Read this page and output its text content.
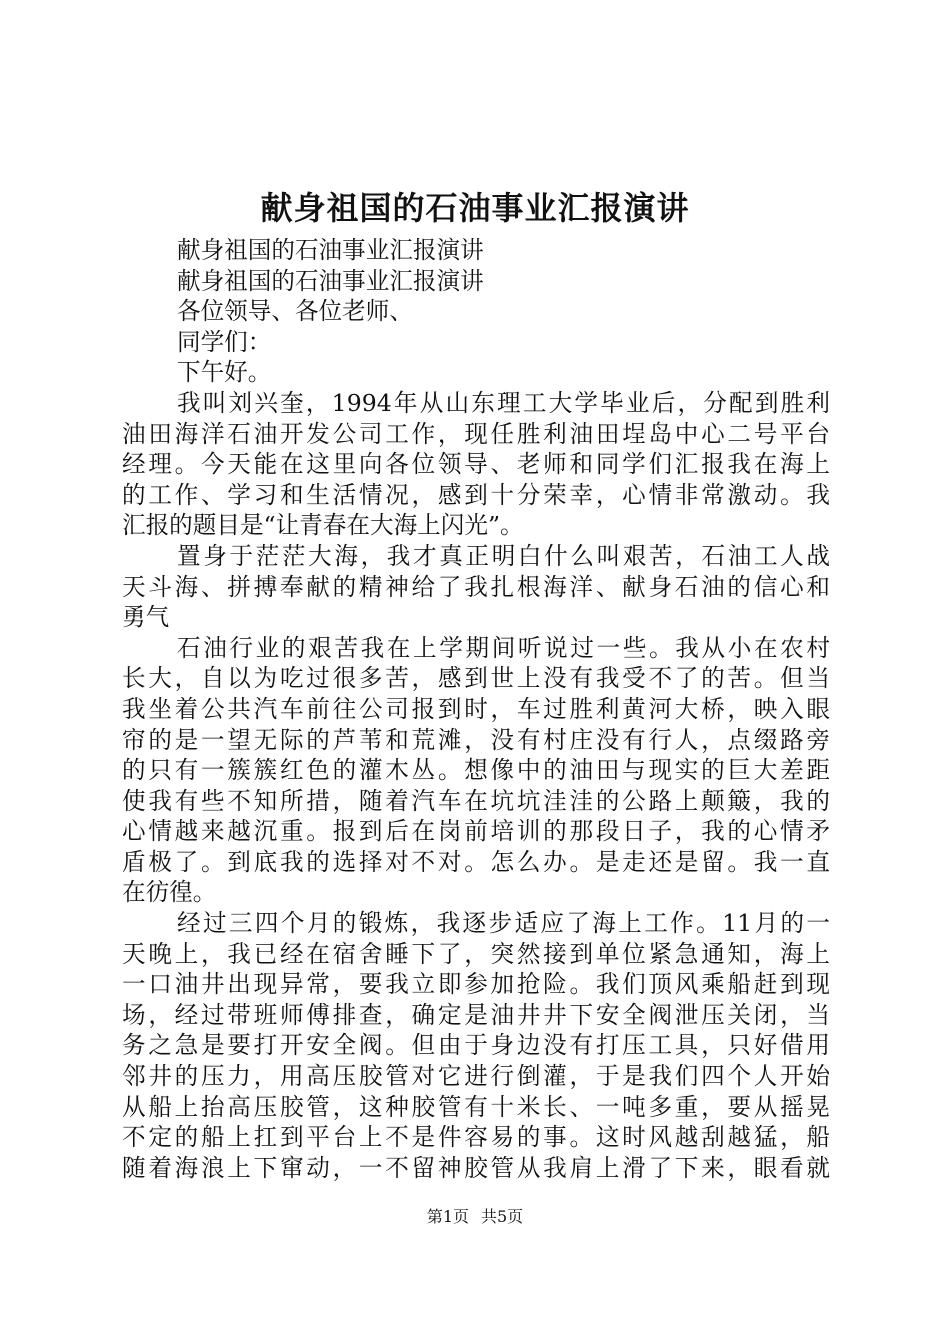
献身祖国的石油事业汇报演讲
献身祖国的石油事业汇报演讲
献身祖国的石油事业汇报演讲
各位领导、各位老师、
同学们：
下午好。
我叫刘兴奎，1994年从山东理工大学毕业后，分配到胜利
油田海洋石油开发公司工作，现任胜利油田埕岛中心二号平台
经理。今天能在这里向各位领导、老师和同学们汇报我在海上
的工作、学习和生活情况，感到十分荣幸，心情非常激动。我
汇报的题目是“让青春在大海上闪光”。
置身于茫茫大海，我才真正明白什么叫艰苦，石油工人战
天斗海、拼搏奉献的精神给了我扎根海洋、献身石油的信心和
勇气
石油行业的艰苦我在上学期间听说过一些。我从小在农村
长大，自以为吃过很多苦，感到世上没有我受不了的苦。但当
我坐着公共汽车前往公司报到时，车过胜利黄河大桥，映入眼
帘的是一望无际的芦苇和荒滩，没有村庄没有行人，点缀路旁
的只有一簇簇红色的灌木丛。想像中的油田与现实的巨大差距
使我有些不知所措，随着汽车在坑坑洼洼的公路上颠簸，我的
心情越来越沉重。报到后在岗前培训的那段日子，我的心情矛
盾极了。到底我的选择对不对。怎么办。是走还是留。我一直
在彷徨。
经过三四个月的锻炼，我逐步适应了海上工作。11月的一
天晚上，我已经在宿舍睡下了，突然接到单位紧急通知，海上
一口油井出现异常，要我立即参加抢险。我们顶风乘船赶到现
场，经过带班师傅排查，确定是油井井下安全阀泄压关闭，当
务之急是要打开安全阀。但由于身边没有打压工具，只好借用
邻井的压力，用高压胶管对它进行倒灌，于是我们四个人开始
从船上抬高压胶管，这种胶管有十米长、一吨多重，要从摇晃
不定的船上扛到平台上不是件容易的事。这时风越刮越猛，船
随着海浪上下窜动，一不留神胶管从我肩上滑了下来，眼看就
第1页 共5页
